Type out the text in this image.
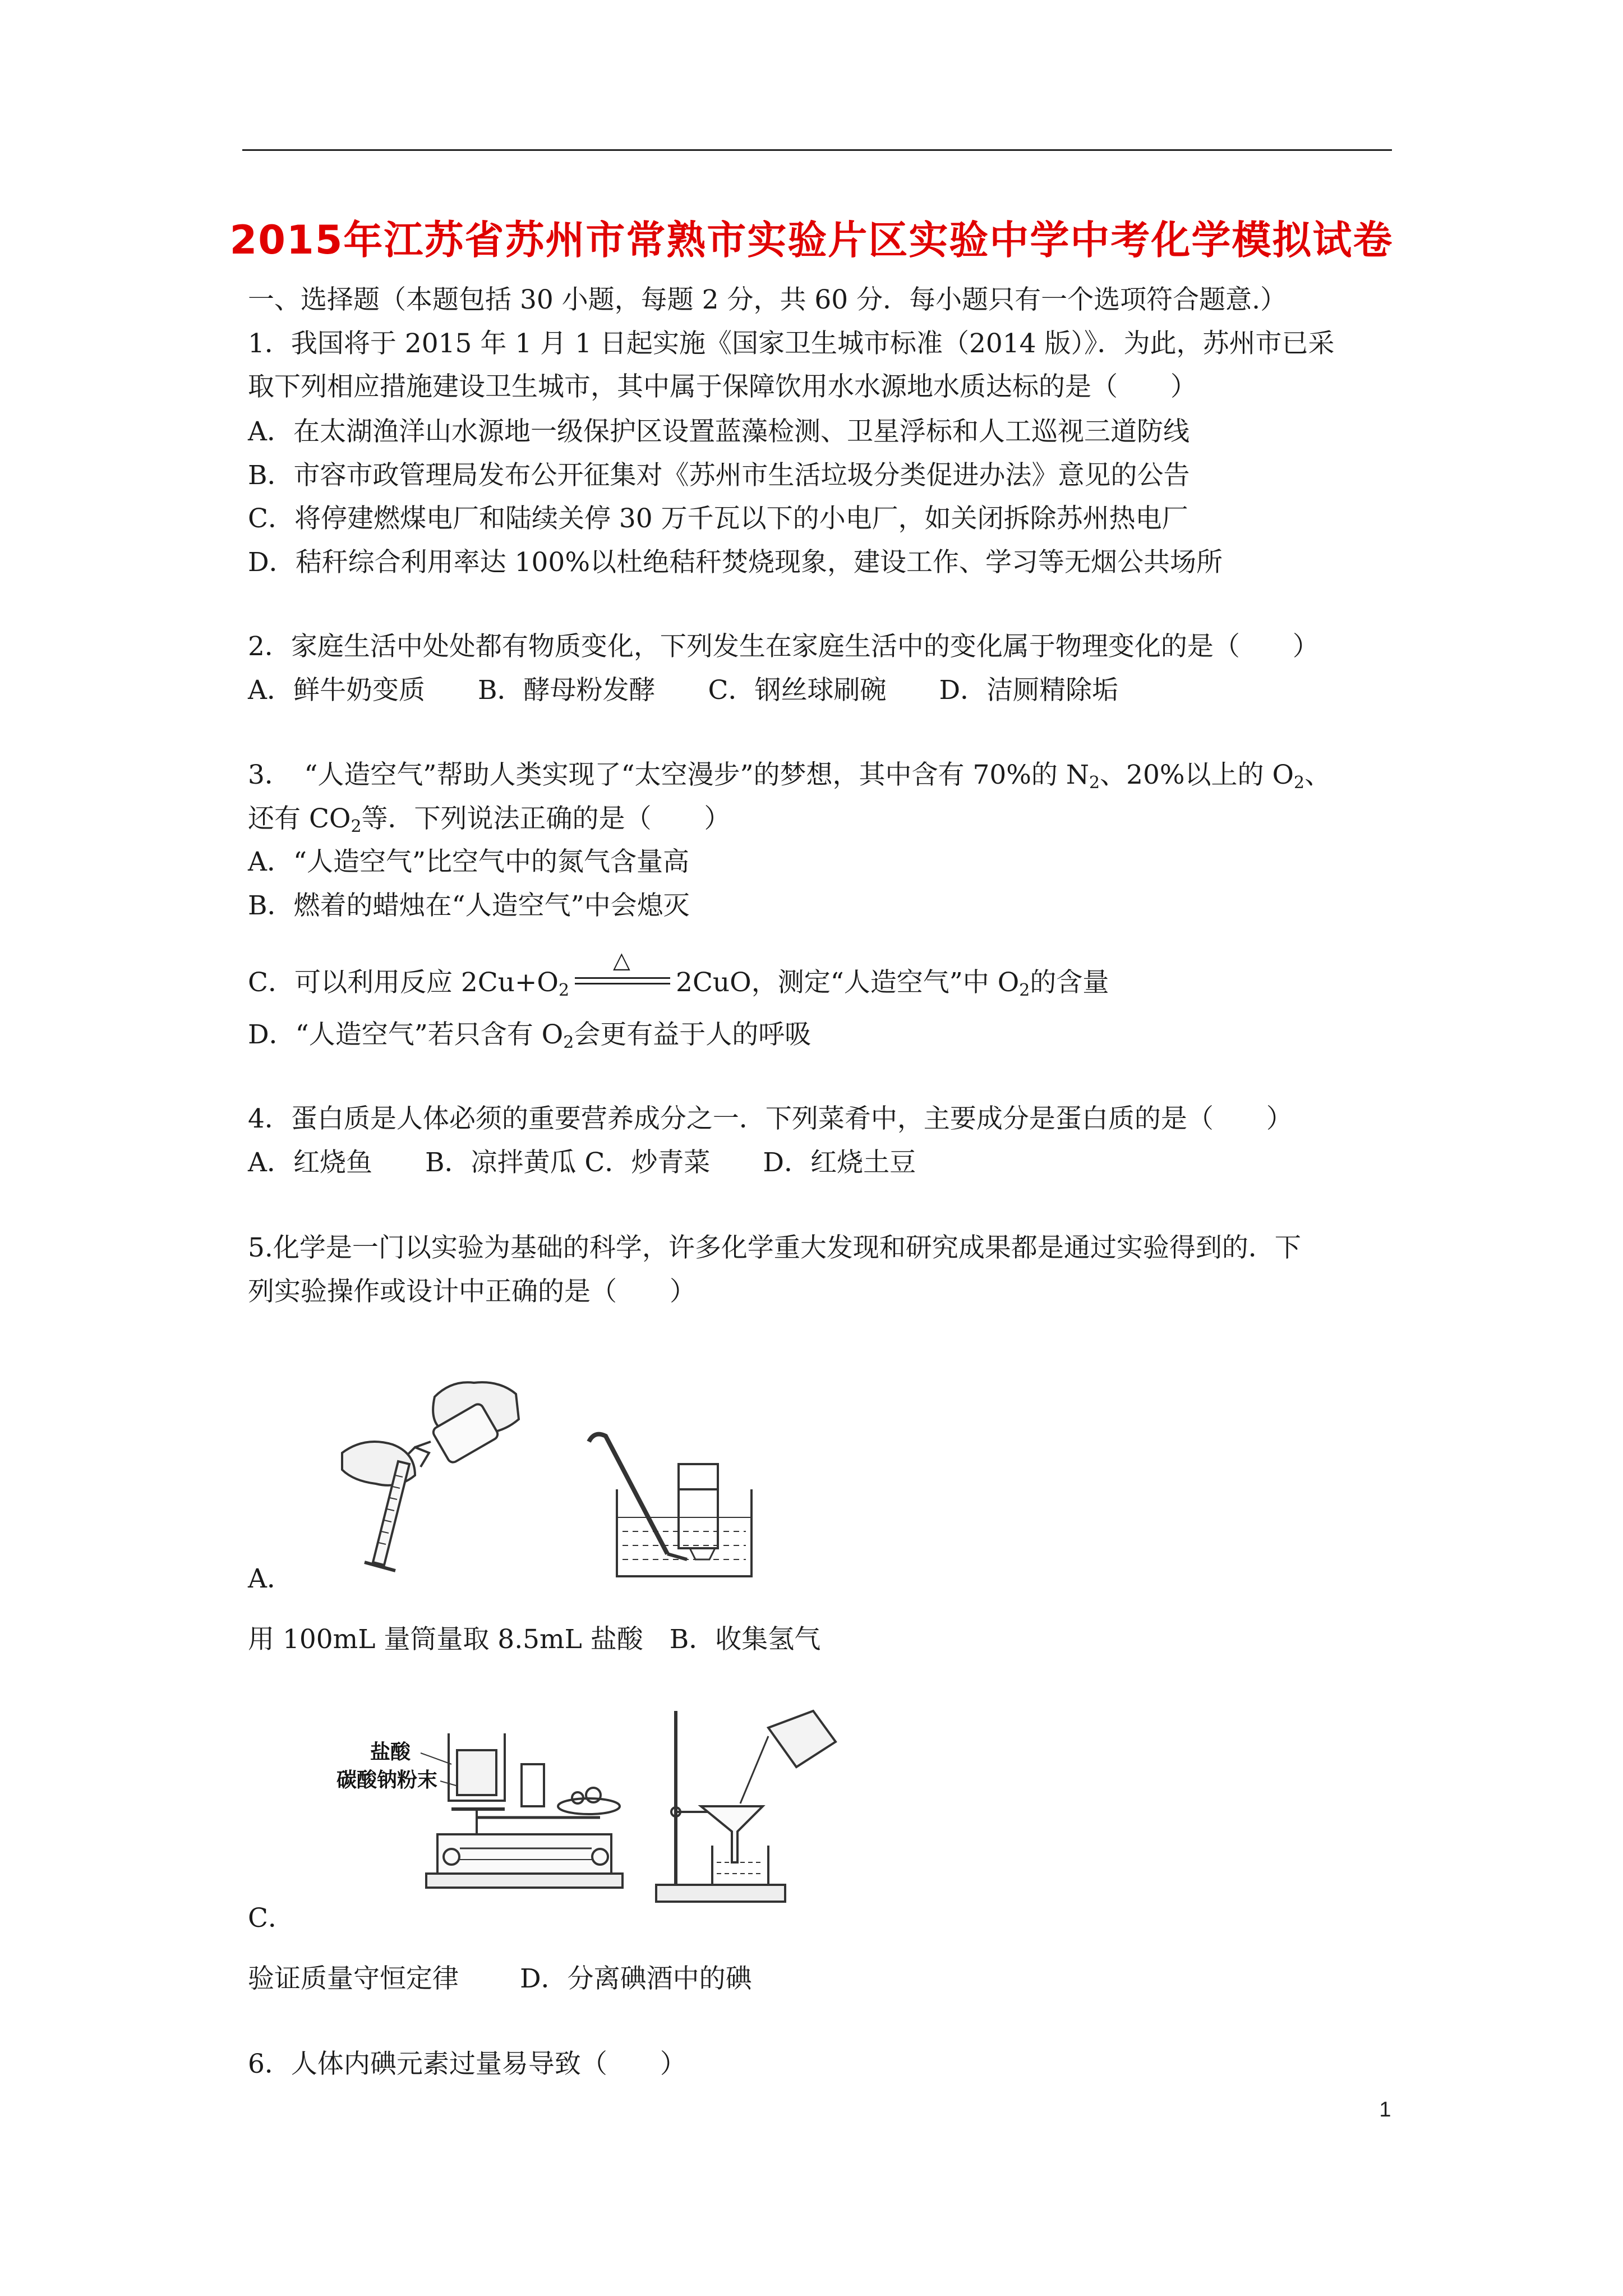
2015年江苏省苏州市常熟市实验片区实验中学中考化学模拟试卷
一、选择题（本题包括 30 小题，每题 2 分，共 60 分．每小题只有一个选项符合题意.）
1．我国将于 2015 年 1 月 1 日起实施《国家卫生城市标准（2014 版）》．为此，苏州市已采
取下列相应措施建设卫生城市，其中属于保障饮用水水源地水质达标的是（　　）
A．在太湖渔洋山水源地一级保护区设置蓝藻检测、卫星浮标和人工巡视三道防线
B．市容市政管理局发布公开征集对《苏州市生活垃圾分类促进办法》意见的公告
C．将停建燃煤电厂和陆续关停 30 万千瓦以下的小电厂，如关闭拆除苏州热电厂
D．秸秆综合利用率达 100%以杜绝秸秆焚烧现象，建设工作、学习等无烟公共场所
2．家庭生活中处处都有物质变化，下列发生在家庭生活中的变化属于物理变化的是（　　）
A．鲜牛奶变质　　B．酵母粉发酵　　C．钢丝球刷碗　　D．洁厕精除垢
3．　“人造空气”帮助人类实现了“太空漫步”的梦想，其中含有 70%的 $N_2$、20%以上的 $O_2$、
还有 $CO_2$等．下列说法正确的是（　　）
A．“人造空气”比空气中的氮气含量高
B．燃着的蜡烛在“人造空气”中会熄灭
C．可以利用反应 $2Cu+O_2$
△
2CuO，测定“人造空气”中 $O_2$的含量
D．“人造空气”若只含有 $O_2$会更有益于人的呼吸
4．蛋白质是人体必须的重要营养成分之一．下列菜肴中，主要成分是蛋白质的是（　　）
A．红烧鱼　　B．凉拌黄瓜 C．炒青菜　　D．红烧土豆
5.化学是一门以实验为基础的科学，许多化学重大发现和研究成果都是通过实验得到的．下
列实验操作或设计中正确的是（　　）
A．
用 100mL 量筒量取 8.5mL 盐酸　B．收集氢气
盐酸
碳酸钠粉末
C．
验证质量守恒定律　　 D．分离碘酒中的碘
6．人体内碘元素过量易导致（　　）
1
